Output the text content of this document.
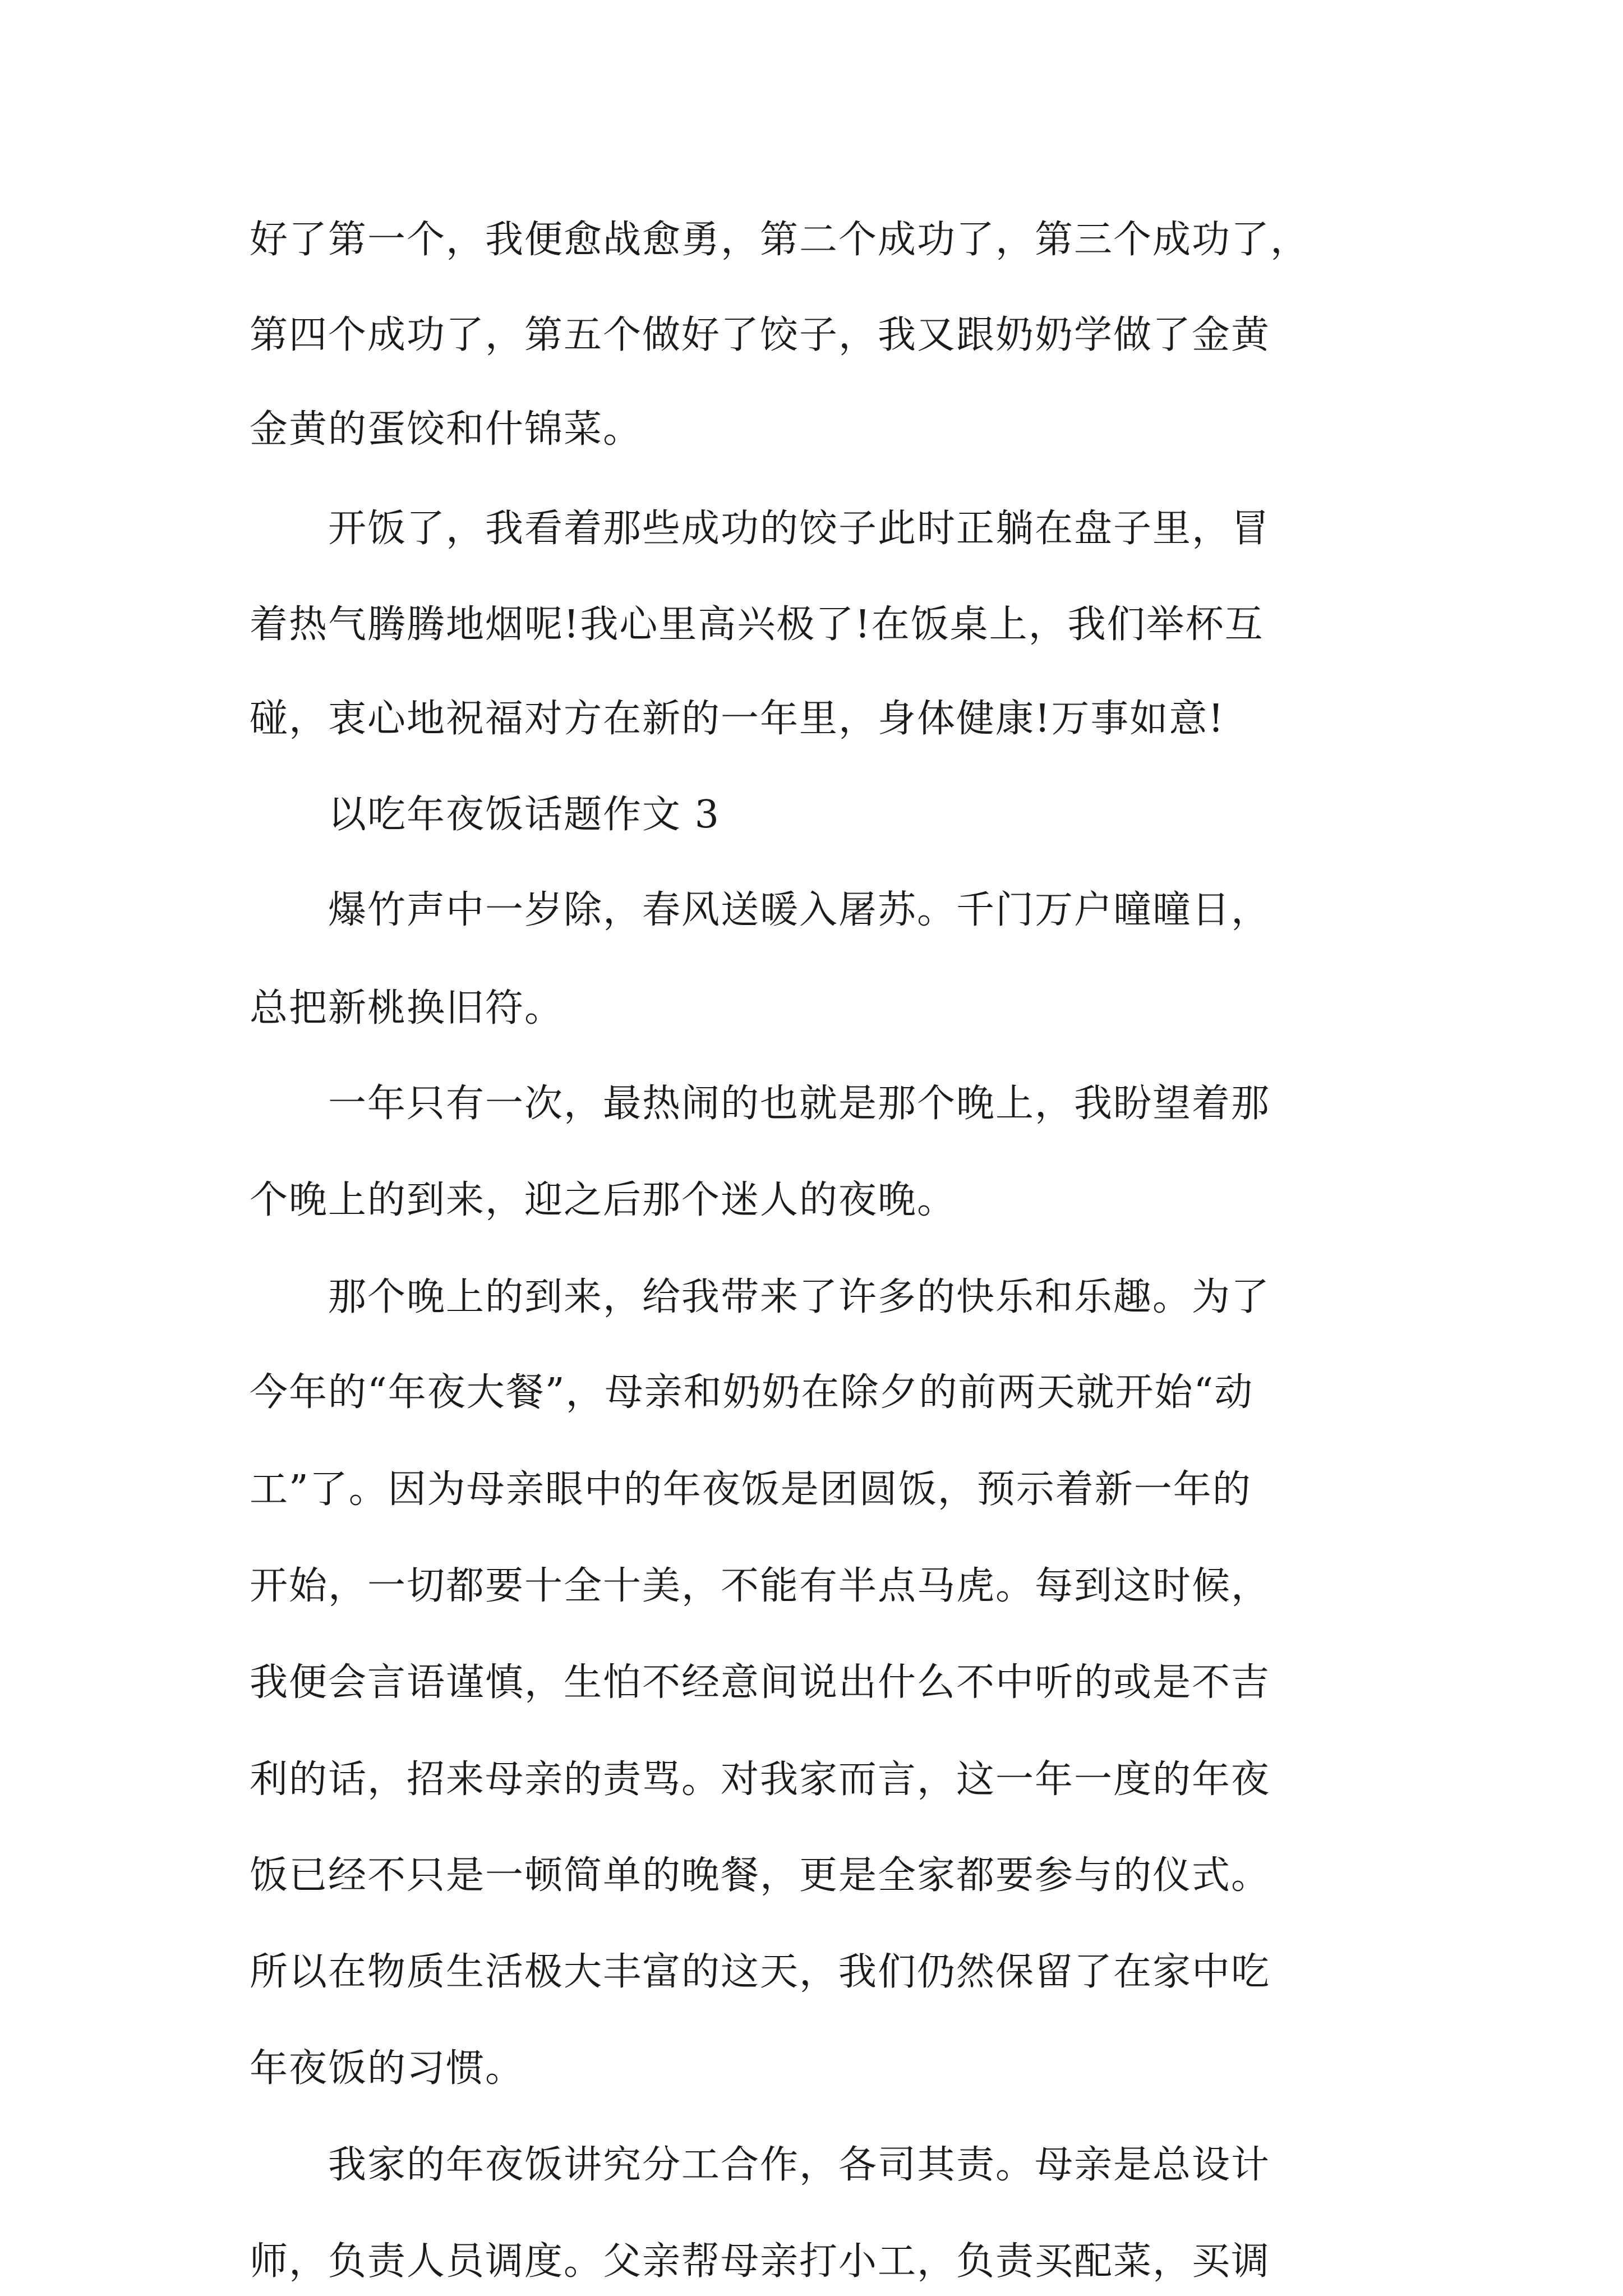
好了第一个，我便愈战愈勇，第二个成功了，第三个成功了，
第四个成功了，第五个做好了饺子，我又跟奶奶学做了金黄
金黄的蛋饺和什锦菜。
　　开饭了，我看着那些成功的饺子此时正躺在盘子里，冒
着热气腾腾地烟呢!我心里高兴极了!在饭桌上，我们举杯互
碰，衷心地祝福对方在新的一年里，身体健康!万事如意!
　　以吃年夜饭话题作文 3
　　爆竹声中一岁除，春风送暖入屠苏。千门万户曈曈日，
总把新桃换旧符。
　　一年只有一次，最热闹的也就是那个晚上，我盼望着那
个晚上的到来，迎之后那个迷人的夜晚。
　　那个晚上的到来，给我带来了许多的快乐和乐趣。为了
今年的“年夜大餐”，母亲和奶奶在除夕的前两天就开始“动
工”了。因为母亲眼中的年夜饭是团圆饭，预示着新一年的
开始，一切都要十全十美，不能有半点马虎。每到这时候，
我便会言语谨慎，生怕不经意间说出什么不中听的或是不吉
利的话，招来母亲的责骂。对我家而言，这一年一度的年夜
饭已经不只是一顿简单的晚餐，更是全家都要参与的仪式。
所以在物质生活极大丰富的这天，我们仍然保留了在家中吃
年夜饭的习惯。
　　我家的年夜饭讲究分工合作，各司其责。母亲是总设计
师，负责人员调度。父亲帮母亲打小工，负责买配菜，买调
